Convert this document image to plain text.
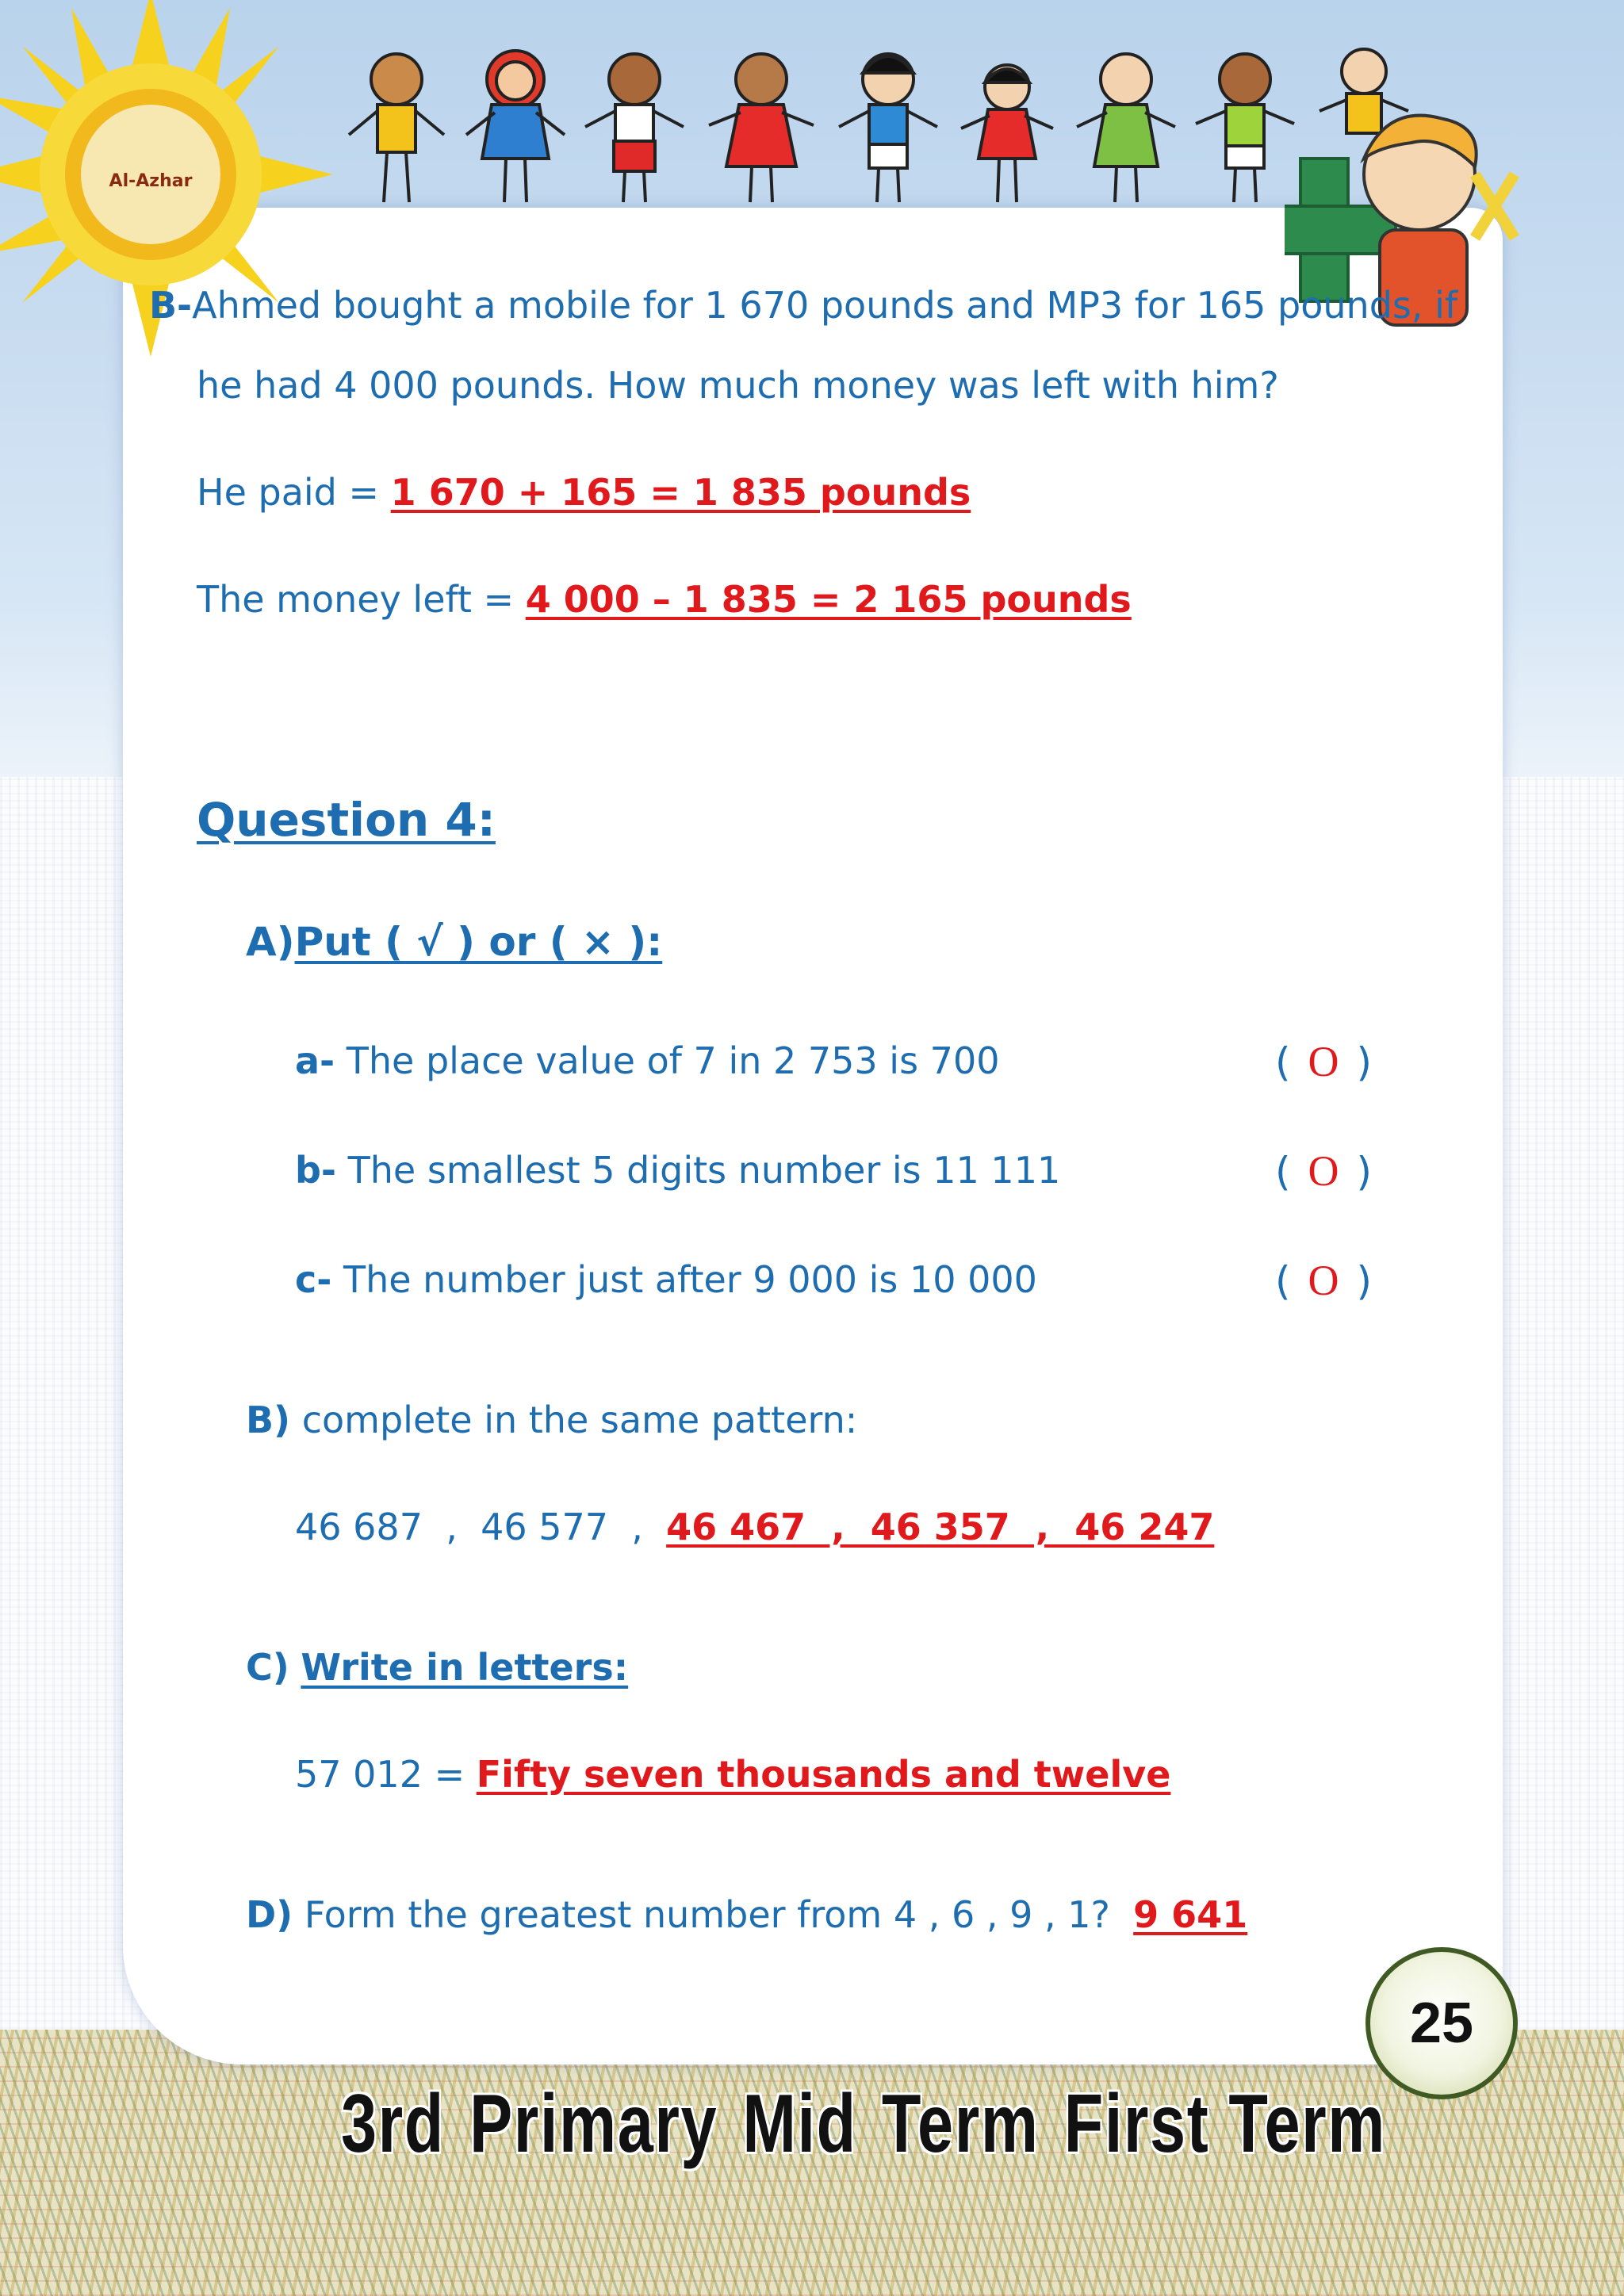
Al-Azhar
B-Ahmed bought a mobile for 1 670 pounds and MP3 for 165 pounds, if
he had 4 000 pounds. How much money was left with him?
He paid = 1 670 + 165 = 1 835 pounds
The money left = 4 000 – 1 835 = 2 165 pounds
Question 4:
A)Put ( √ ) or ( × ):
a- The place value of 7 in 2 753 is 700	( O )
b- The smallest 5 digits number is 11 111	( O )
c- The number just after 9 000 is 10 000	( O )
B) complete in the same pattern:
46 687  ,  46 577  ,  46 467  ,  46 357  ,  46 247
C) Write in letters:
57 012 = Fifty seven thousands and twelve
D) Form the greatest number from 4 , 6 , 9 , 1?  9 641
25
3rd Primary Mid Term First Term
